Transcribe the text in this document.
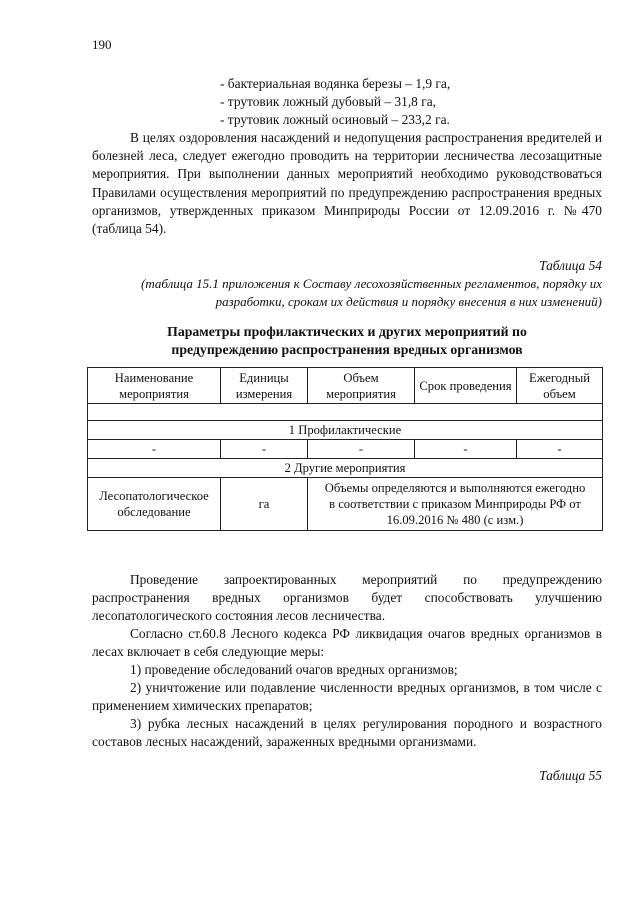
190
- бактериальная водянка березы – 1,9 га,
- трутовик ложный дубовый – 31,8 га,
- трутовик ложный осиновый – 233,2 га.

В целях оздоровления насаждений и недопущения распространения вредителей и болезней леса, следует ежегодно проводить на территории лесничества лесозащитные мероприятия. При выполнении данных мероприятий необходимо руководствоваться Правилами осуществления мероприятий по предупреждению распространения вредных организмов, утвержденных приказом Минприроды России от 12.09.2016 г. №470 (таблица 54).

Таблица 54
(таблица 15.1 приложения к Составу лесохозяйственных регламентов, порядку их разработки, срокам их действия и порядку внесения в них изменений)
Параметры профилактических и других мероприятий по
предупреждению распространения вредных организмов
Наименование мероприятия	Единицы измерения	Объем мероприятия	Срок проведения	Ежегодный объем

1 Профилактические				
-	-	-	-	-
2 Другие мероприятия				
Лесопатологическое обследование	га	Объемы определяются и выполняются ежегодно в соответствии с приказом Минприроды РФ от 16.09.2016 № 480 (с изм.)		

Проведение запроектированных мероприятий по предупреждению распространения вредных организмов будет способствовать улучшению лесопатологического состояния лесов лесничества.

Согласно ст.60.8 Лесного кодекса РФ ликвидация очагов вредных организмов в лесах включает в себя следующие меры:

1) проведение обследований очагов вредных организмов;

2) уничтожение или подавление численности вредных организмов, в том числе с применением химических препаратов;

3) рубка лесных насаждений в целях регулирования породного и возрастного составов лесных насаждений, зараженных вредными организмами.

Таблица 55
